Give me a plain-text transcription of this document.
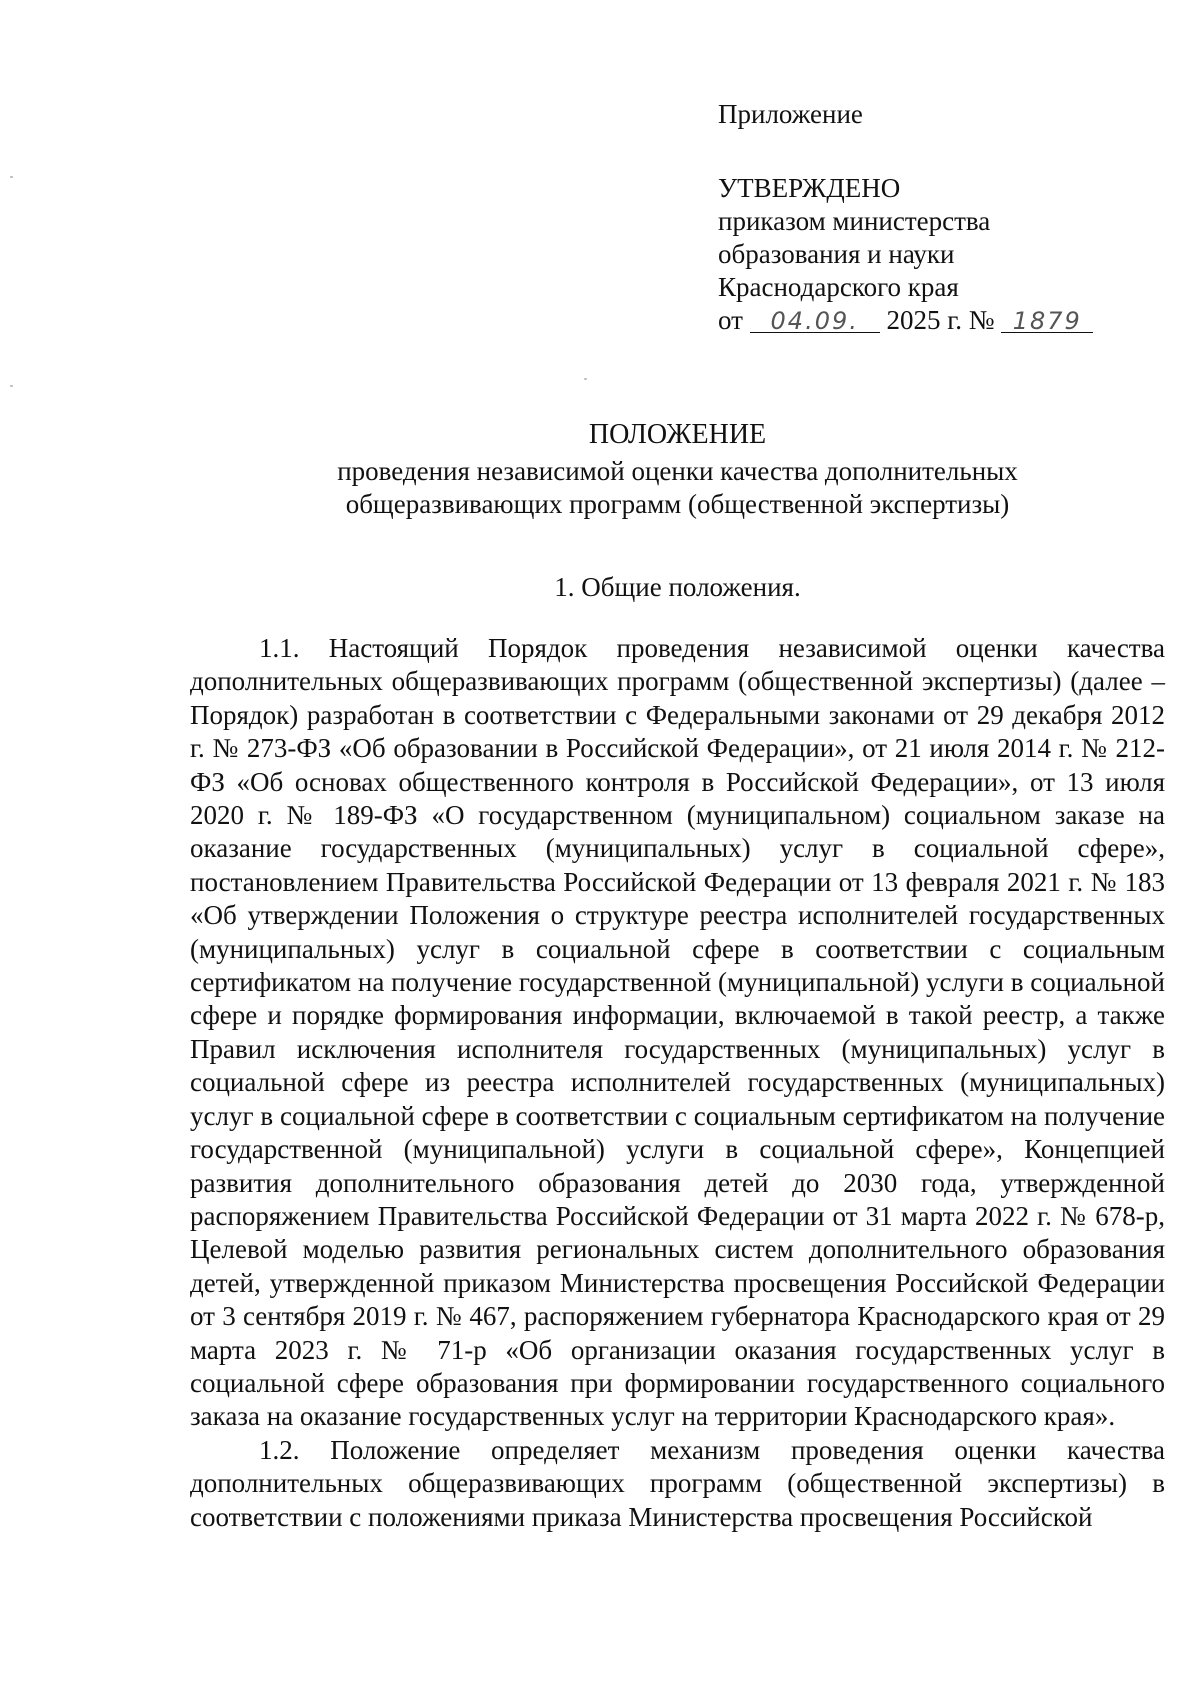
Приложение
УТВЕРЖДЕНО
приказом министерства
образования и науки
Краснодарского края
от 04.09. 2025 г. № 1879
ПОЛОЖЕНИЕ
проведения независимой оценки качества дополнительных
общеразвивающих программ (общественной экспертизы)
1. Общие положения.

1.1. Настоящий Порядок проведения независимой оценки качества дополнительных общеразвивающих программ (общественной экспертизы) (далее – Порядок) разработан в соответствии с Федеральными законами от 29 декабря 2012 г. № 273-ФЗ «Об образовании в Российской Федерации», от 21 июля 2014 г. № 212-ФЗ «Об основах общественного контроля в Российской Федерации», от 13 июля 2020 г. № 189-ФЗ «О государственном (муниципальном) социальном заказе на оказание государственных (муниципальных) услуг в социальной сфере», постановлением Правительства Российской Федерации от 13 февраля 2021 г. № 183 «Об утверждении Положения о структуре реестра исполнителей государственных (муниципальных) услуг в социальной сфере в соответствии с социальным сертификатом на получение государственной (муниципальной) услуги в социальной сфере и порядке формирования информации, включаемой в такой реестр, а также Правил исключения исполнителя государственных (муниципальных) услуг в социальной сфере из реестра исполнителей государственных (муниципальных) услуг в социальной сфере в соответствии с социальным сертификатом на получение государственной (муниципальной) услуги в социальной сфере», Концепцией развития дополнительного образования детей до 2030 года, утвержденной распоряжением Правительства Российской Федерации от 31 марта 2022 г. № 678-р, Целевой моделью развития региональных систем дополнительного образования детей, утвержденной приказом Министерства просвещения Российской Федерации от 3 сентября 2019 г. № 467, распоряжением губернатора Краснодарского края от 29 марта 2023 г. № 71-р «Об организации оказания государственных услуг в социальной сфере образования при формировании государственного социального заказа на оказание государственных услуг на территории Краснодарского края».

1.2. Положение определяет механизм проведения оценки качества дополнительных общеразвивающих программ (общественной экспертизы) в соответствии с положениями приказа Министерства просвещения Российской
